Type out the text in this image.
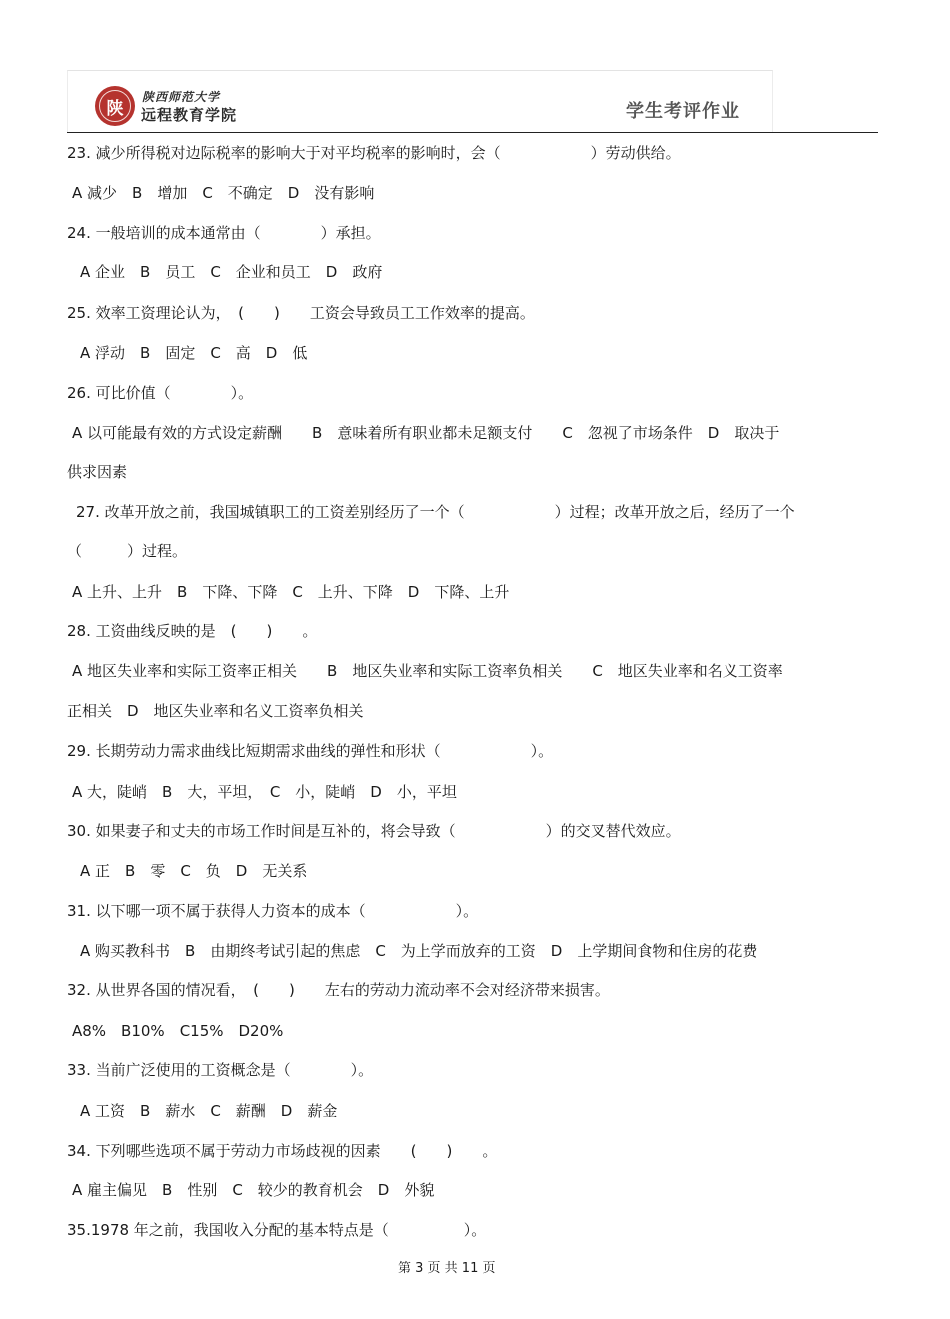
陕
陕西师范大学
远程教育学院	学生考评作业
23. 减少所得税对边际税率的影响大于对平均税率的影响时，会（　　　　　　）劳动供给。
A 减少　B　增加　C　不确定　D　没有影响
24. 一般培训的成本通常由（　　　　）承担。
A 企业　B　员工　C　企业和员工　D　政府
25. 效率工资理论认为，　(　　)　　工资会导致员工工作效率的提高。
A 浮动　B　固定　C　高　D　低
26. 可比价值（　　　　）。
A 以可能最有效的方式设定薪酬　　B　意味着所有职业都未足额支付　　C　忽视了市场条件　D　取决于
供求因素
27. 改革开放之前，我国城镇职工的工资差别经历了一个（　　　　　　）过程；改革开放之后，经历了一个
（　　　）过程。
A 上升、上升　B　下降、下降　C　上升、下降　D　下降、上升
28. 工资曲线反映的是　(　　)　　。
A 地区失业率和实际工资率正相关　　B　地区失业率和实际工资率负相关　　C　地区失业率和名义工资率
正相关　D　地区失业率和名义工资率负相关
29. 长期劳动力需求曲线比短期需求曲线的弹性和形状（　　　　　　）。
A 大，陡峭　B　大，平坦，　C　小，陡峭　D　小，平坦
30. 如果妻子和丈夫的市场工作时间是互补的，将会导致（　　　　　　）的交叉替代效应。
A 正　B　零　C　负　D　无关系
31. 以下哪一项不属于获得人力资本的成本（　　　　　　）。
A 购买教科书　B　由期终考试引起的焦虑　C　为上学而放弃的工资　D　上学期间食物和住房的花费
32. 从世界各国的情况看，　(　　)　　左右的劳动力流动率不会对经济带来损害。
A8%　B10%　C15%　D20%
33. 当前广泛使用的工资概念是（　　　　）。
A 工资　B　薪水　C　薪酬　D　薪金
34. 下列哪些选项不属于劳动力市场歧视的因素　　(　　)　　。
A 雇主偏见　B　性别　C　较少的教育机会　D　外貌
35.1978 年之前，我国收入分配的基本特点是（　　　　　）。
第 3 页 共 11 页
